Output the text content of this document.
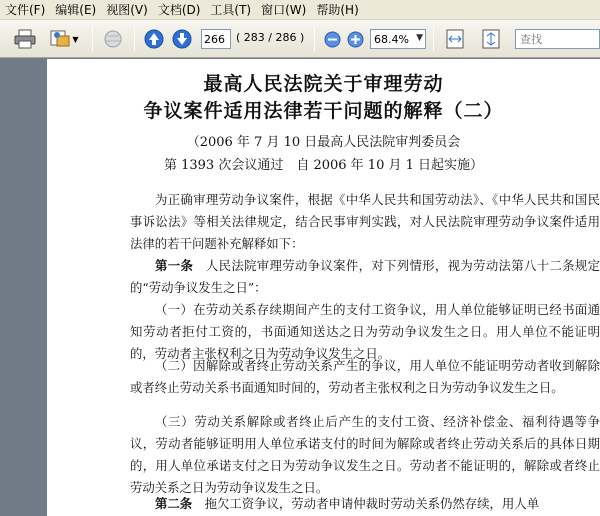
文件(F) 编辑(E) 视图(V) 文档(D) 工具(T) 窗口(W) 帮助(H)
▼
266	( 283 / 286 )	68.4% ▼
查找
最高人民法院关于审理劳动
争议案件适用法律若干问题的解释（二）
（2006 年 7 月 10 日最高人民法院审判委员会
第 1393 次会议通过　自 2006 年 10 月 1 日起实施）
为正确审理劳动争议案件，根据《中华人民共和国劳动法》、《中华人民共和国民事诉讼法》等相关法律规定，结合民事审判实践，对人民法院审理劳动争议案件适用法律的若干问题补充解释如下：
第一条　 人民法院审理劳动争议案件，对下列情形，视为劳动法第八十二条规定的“劳动争议发生之日”：
（一）在劳动关系存续期间产生的支付工资争议，用人单位能够证明已经书面通知劳动者拒付工资的，书面通知送达之日为劳动争议发生之日。用人单位不能证明的，劳动者主张权利之日为劳动争议发生之日。
（二）因解除或者终止劳动关系产生的争议，用人单位不能证明劳动者收到解除或者终止劳动关系书面通知时间的，劳动者主张权利之日为劳动争议发生之日。
（三）劳动关系解除或者终止后产生的支付工资、经济补偿金、福利待遇等争议，劳动者能够证明用人单位承诺支付的时间为解除或者终止劳动关系后的具体日期的，用人单位承诺支付之日为劳动争议发生之日。劳动者不能证明的，解除或者终止劳动关系之日为劳动争议发生之日。
第二条　 拖欠工资争议，劳动者申请仲裁时劳动关系仍然存续，用人单
